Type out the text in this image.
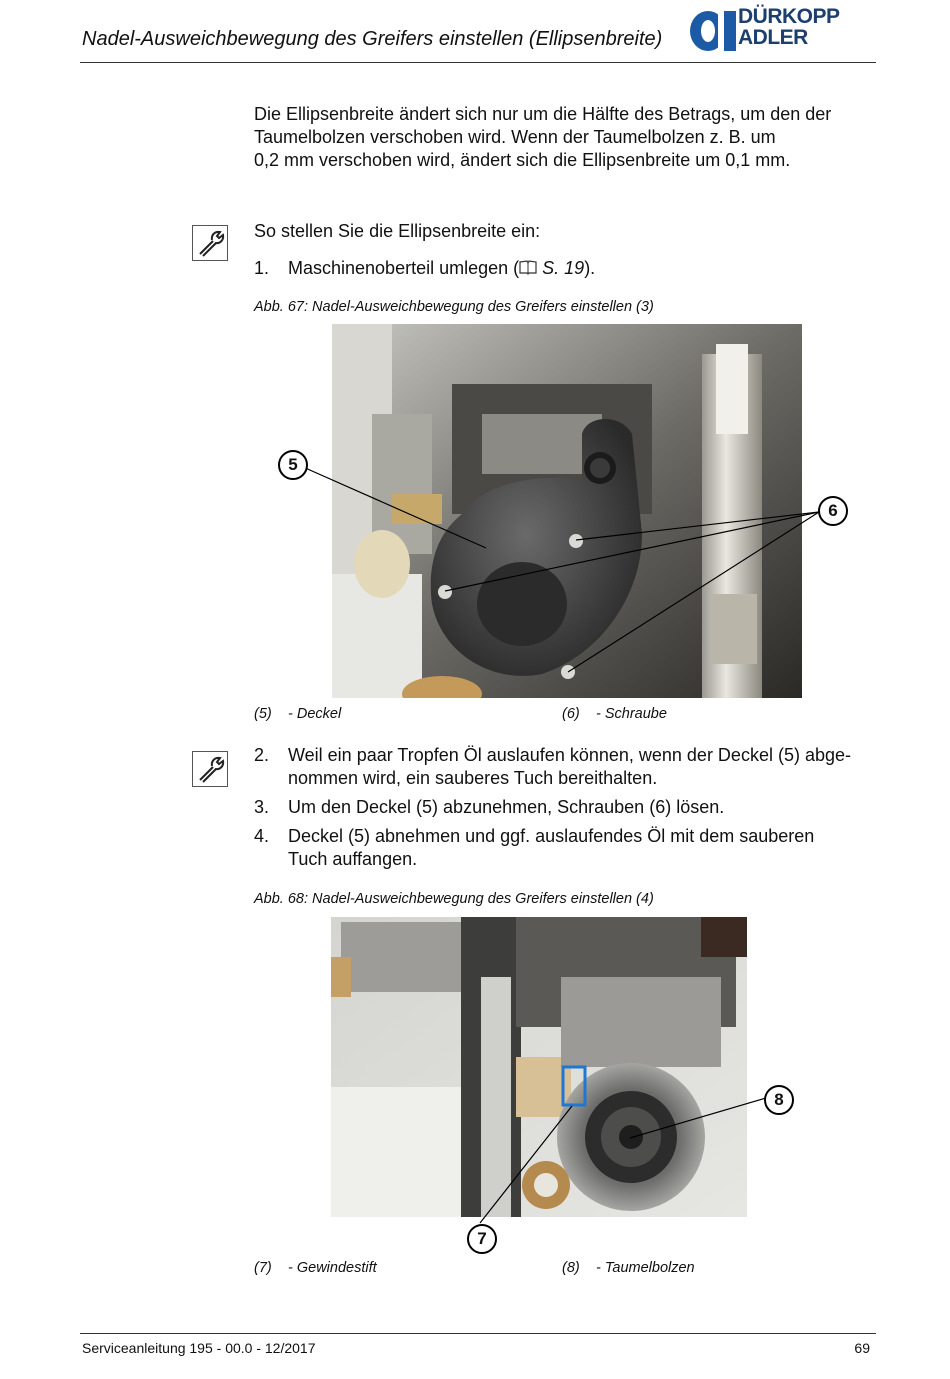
Nadel-Ausweichbewegung des Greifers einstellen (Ellipsenbreite)
DÜRKOPP
ADLER
Die Ellipsenbreite ändert sich nur um die Hälfte des Betrags, um den der
Taumelbolzen verschoben wird. Wenn der Taumelbolzen z. B. um
0,2 mm verschoben wird, ändert sich die Ellipsenbreite um 0,1 mm.
So stellen Sie die Ellipsenbreite ein:
1. Maschinenoberteil umlegen ( S. 19).
Abb. 67: Nadel-Ausweichbewegung des Greifers einstellen (3)
5
6
(5) - Deckel	(6) - Schraube
2. Weil ein paar Tropfen Öl auslaufen können, wenn der Deckel (5) abge-
nommen wird, ein sauberes Tuch bereithalten.
3. Um den Deckel (5) abzunehmen, Schrauben (6) lösen.
4. Deckel (5) abnehmen und ggf. auslaufendes Öl mit dem sauberen
Tuch auffangen.
Abb. 68: Nadel-Ausweichbewegung des Greifers einstellen (4)
8
7
(7) - Gewindestift	(8) - Taumelbolzen
Serviceanleitung 195 - 00.0 - 12/2017	69
